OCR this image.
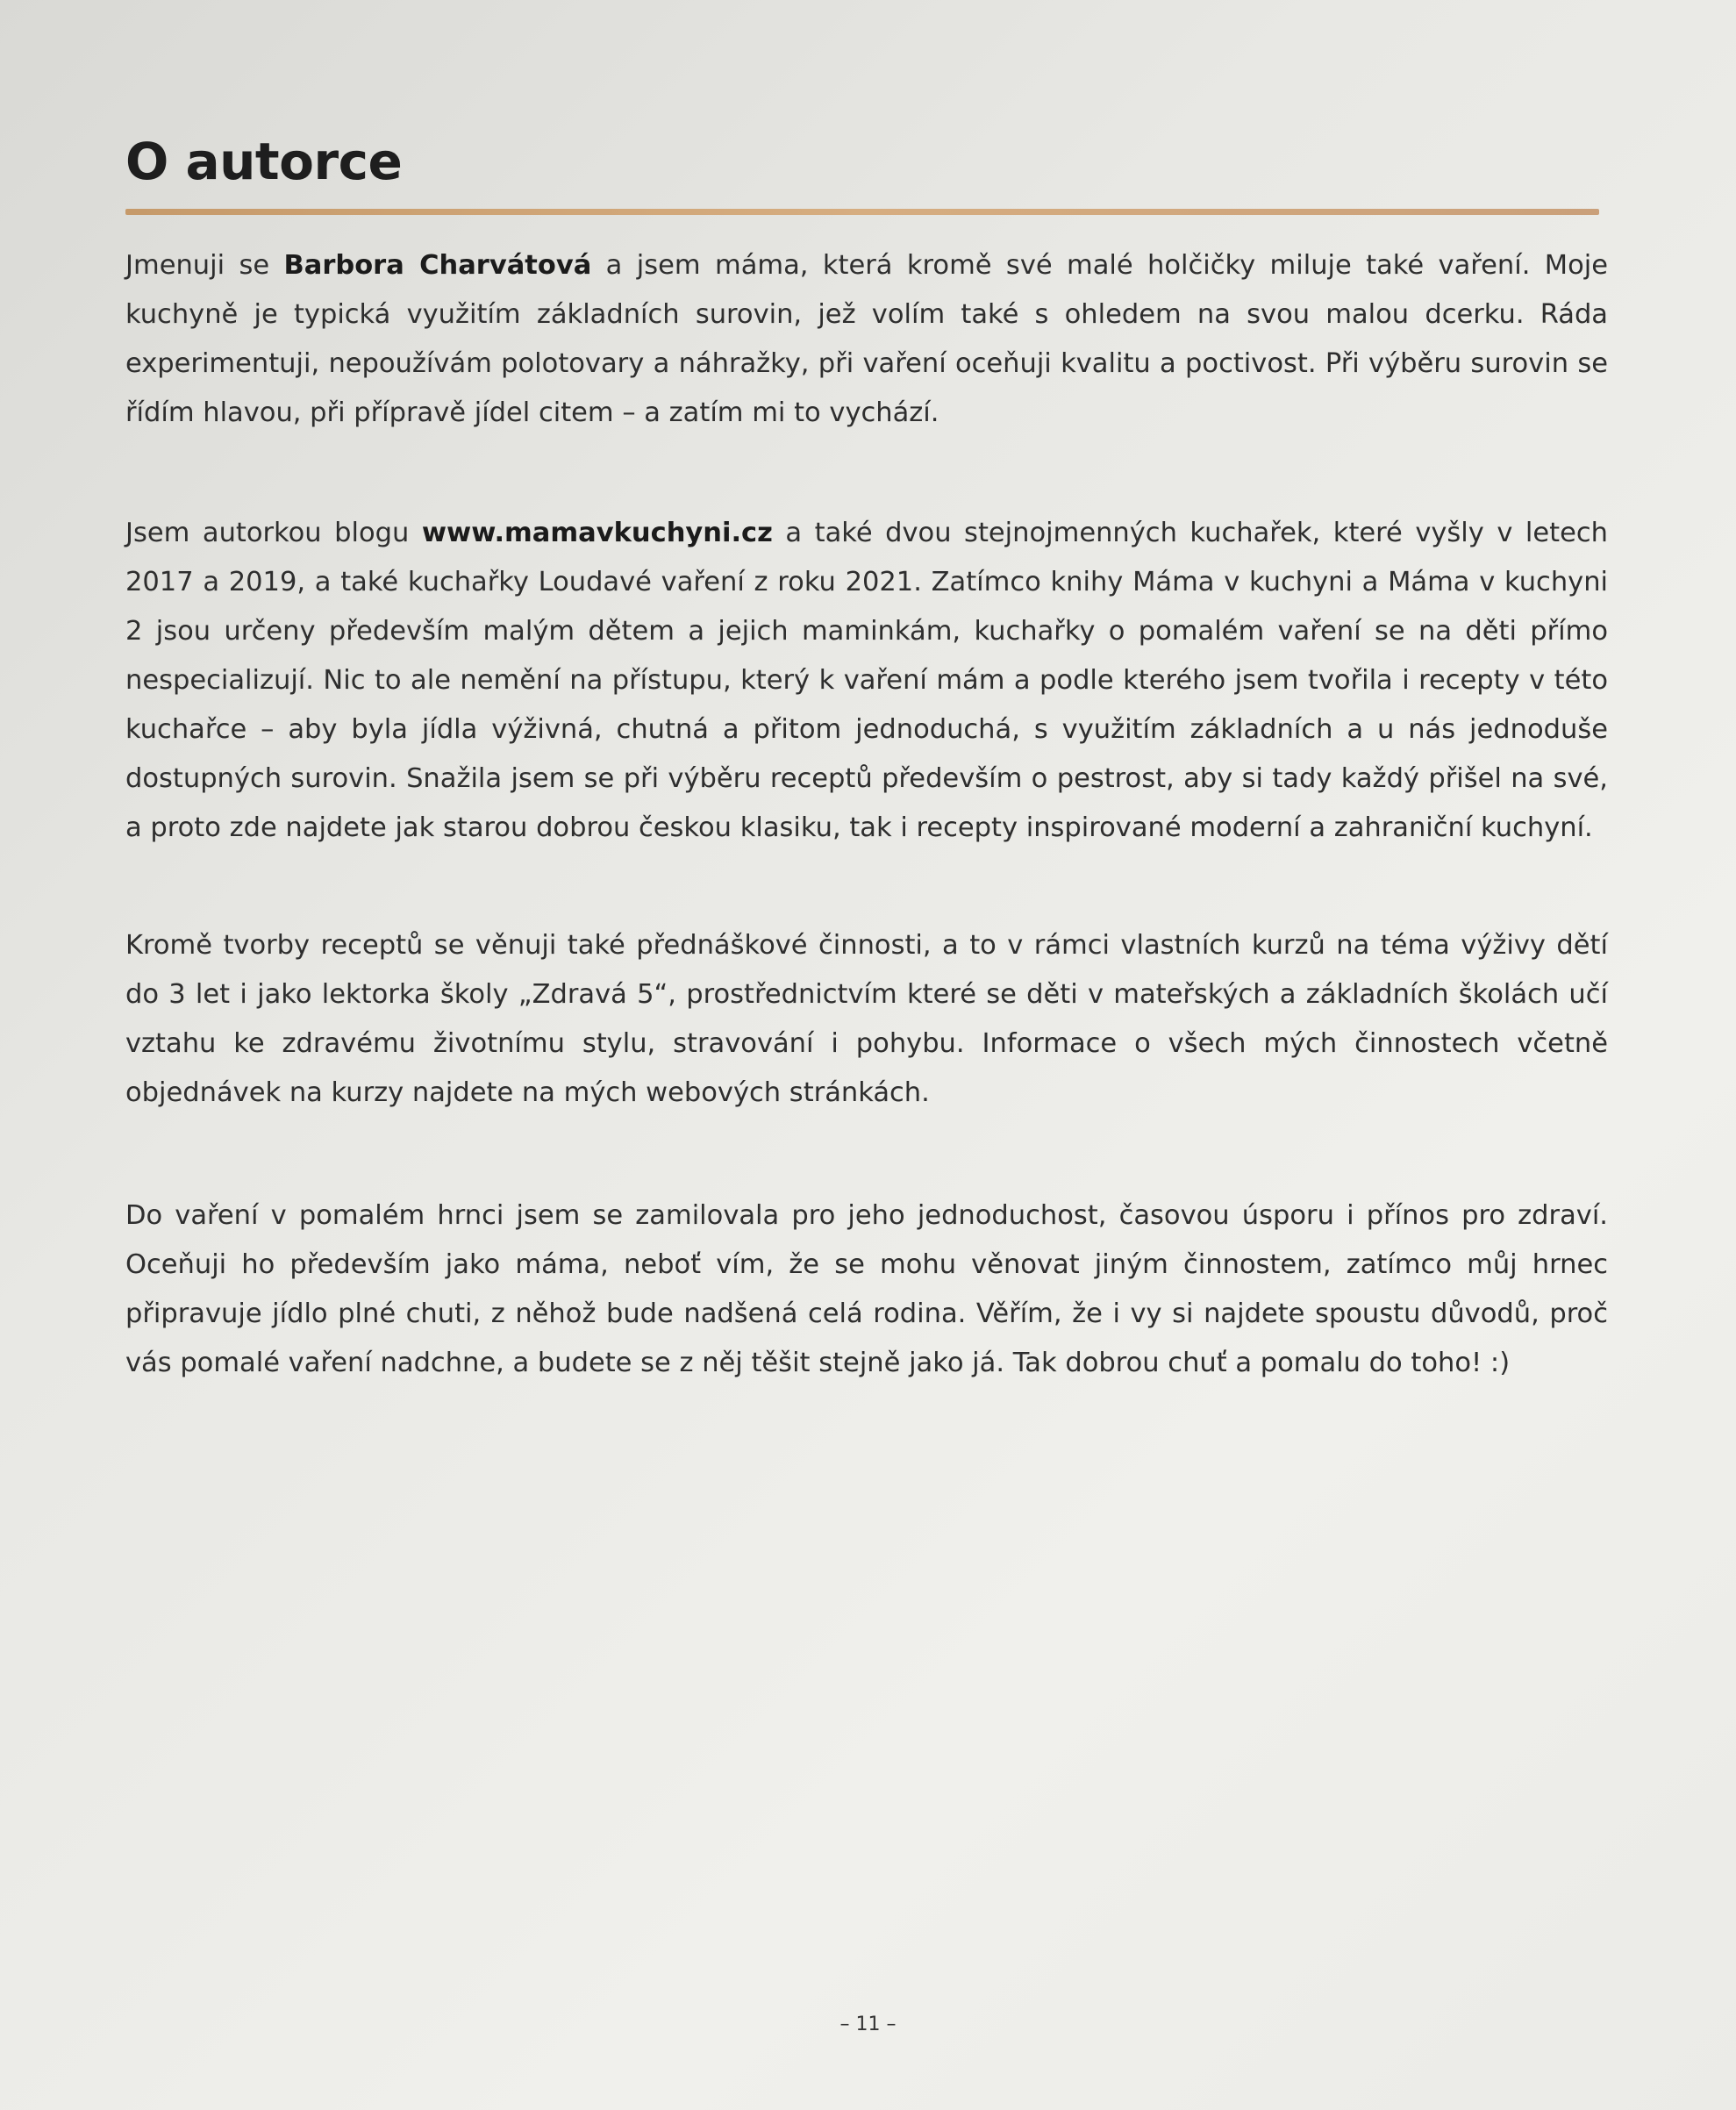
O autorce

Jmenuji se Barbora Charvátová a jsem máma, která kromě své malé holčičky miluje také vaření. Moje kuchyně je typická využitím základních surovin, jež volím také s ohledem na svou malou dcerku. Ráda experimentuji, nepoužívám polotovary a náhražky, při vaření oceňuji kvalitu a poctivost. Při výběru surovin se řídím hlavou, při přípravě jídel citem – a zatím mi to vychází.

Jsem autorkou blogu www.mamavkuchyni.cz a také dvou stejnojmenných kuchařek, které vyšly v letech 2017 a 2019, a také kuchařky Loudavé vaření z roku 2021. Zatímco knihy Máma v kuchyni a Máma v kuchyni 2 jsou určeny především malým dětem a jejich maminkám, kuchařky o pomalém vaření se na děti přímo nespecializují. Nic to ale nemění na přístupu, který k vaření mám a podle kterého jsem tvořila i recepty v této kuchařce – aby byla jídla výživná, chutná a přitom jednoduchá, s využitím základních a u nás jednoduše dostupných surovin. Snažila jsem se při výběru receptů především o pestrost, aby si tady každý přišel na své, a proto zde najdete jak starou dobrou českou klasiku, tak i recepty inspirované moderní a zahraniční kuchyní.

Kromě tvorby receptů se věnuji také přednáškové činnosti, a to v rámci vlastních kurzů na téma výživy dětí do 3 let i jako lektorka školy „Zdravá 5“, prostřednictvím které se děti v mateřských a základních školách učí vztahu ke zdravému životnímu stylu, stravování i pohybu. Informace o všech mých činnostech včetně objednávek na kurzy najdete na mých webových stránkách.

Do vaření v pomalém hrnci jsem se zamilovala pro jeho jednoduchost, časovou úsporu i přínos pro zdraví. Oceňuji ho především jako máma, neboť vím, že se mohu věnovat jiným činnostem, zatímco můj hrnec připravuje jídlo plné chuti, z něhož bude nadšená celá rodina. Věřím, že i vy si najdete spoustu důvodů, proč vás pomalé vaření nadchne, a budete se z něj těšit stejně jako já. Tak dobrou chuť a pomalu do toho! :)

– 11 –
